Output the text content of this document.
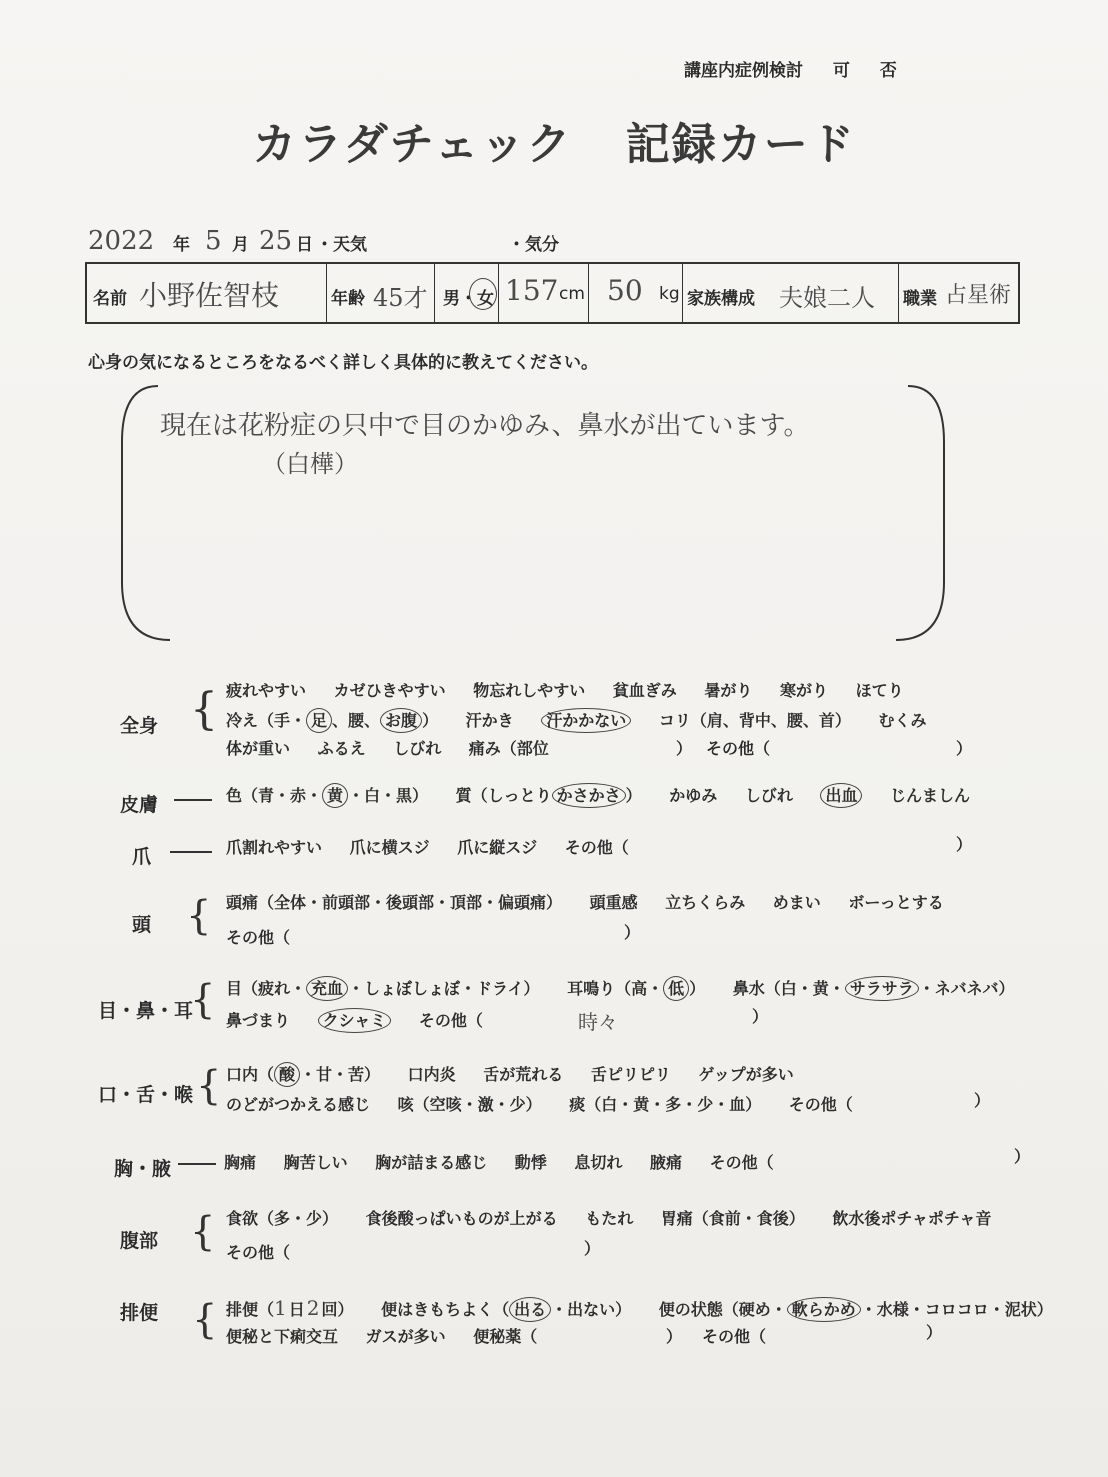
講座内症例検討 可 否
カラダチェック 記録カード
2022 年 5 月 25 日 ・天気	・気分
名前 小野佐智枝	年齢 45才 男・女 157 cm 50 kg 家族構成 夫娘二人 職業 占星術
心身の気になるところをなるべく詳しく具体的に教えてください。
現在は花粉症の只中で目のかゆみ、鼻水が出ています。
（白樺）
全身 { 疲れやすい カゼひきやすい 物忘れしやすい 貧血ぎみ 暑がり 寒がり ほてり
冷え（手・ 足 、腰、 お腹 ） 汗かき 汗かかない コリ（肩、背中、腰、首） むくみ
体が重い ふるえ しびれ 痛み（部位	） その他（	）
皮膚	色（青・赤・ 黄 ・白・黒） 質（しっとり かさかさ ） かゆみ しびれ 出血 じんましん
爪	爪割れやすい 爪に横スジ 爪に縦スジ その他（	）
頭 { 頭痛（全体・前頭部・後頭部・頂部・偏頭痛） 頭重感 立ちくらみ めまい ボーっとする
その他（	）
目・鼻・耳
{ 目（疲れ・ 充血 ・しょぼしょぼ・ドライ） 耳鳴り（高・ 低 ） 鼻水（白・黄・ サラサラ ・ネバネバ）
鼻づまり クシャミ その他（	時々	）
口・舌・喉 { 口内（ 酸 ・甘・苦） 口内炎 舌が荒れる 舌ピリピリ ゲップが多い
のどがつかえる感じ 咳（空咳・激・少） 痰（白・黄・多・少・血） その他（	）
胸・腋	胸痛 胸苦しい 胸が詰まる感じ 動悸 息切れ 腋痛 その他（	）
腹部 { 食欲（多・少） 食後酸っぱいものが上がる もたれ 胃痛（食前・食後） 飲水後ポチャポチャ音
その他（	）
排便 { 排便（1 日 2 回） 便はきもちよく（ 出る ・出ない） 便の状態（硬め・ 軟らかめ ・水様・コロコロ・泥状）
便秘と下痢交互 ガスが多い 便秘薬（	） その他（	）
